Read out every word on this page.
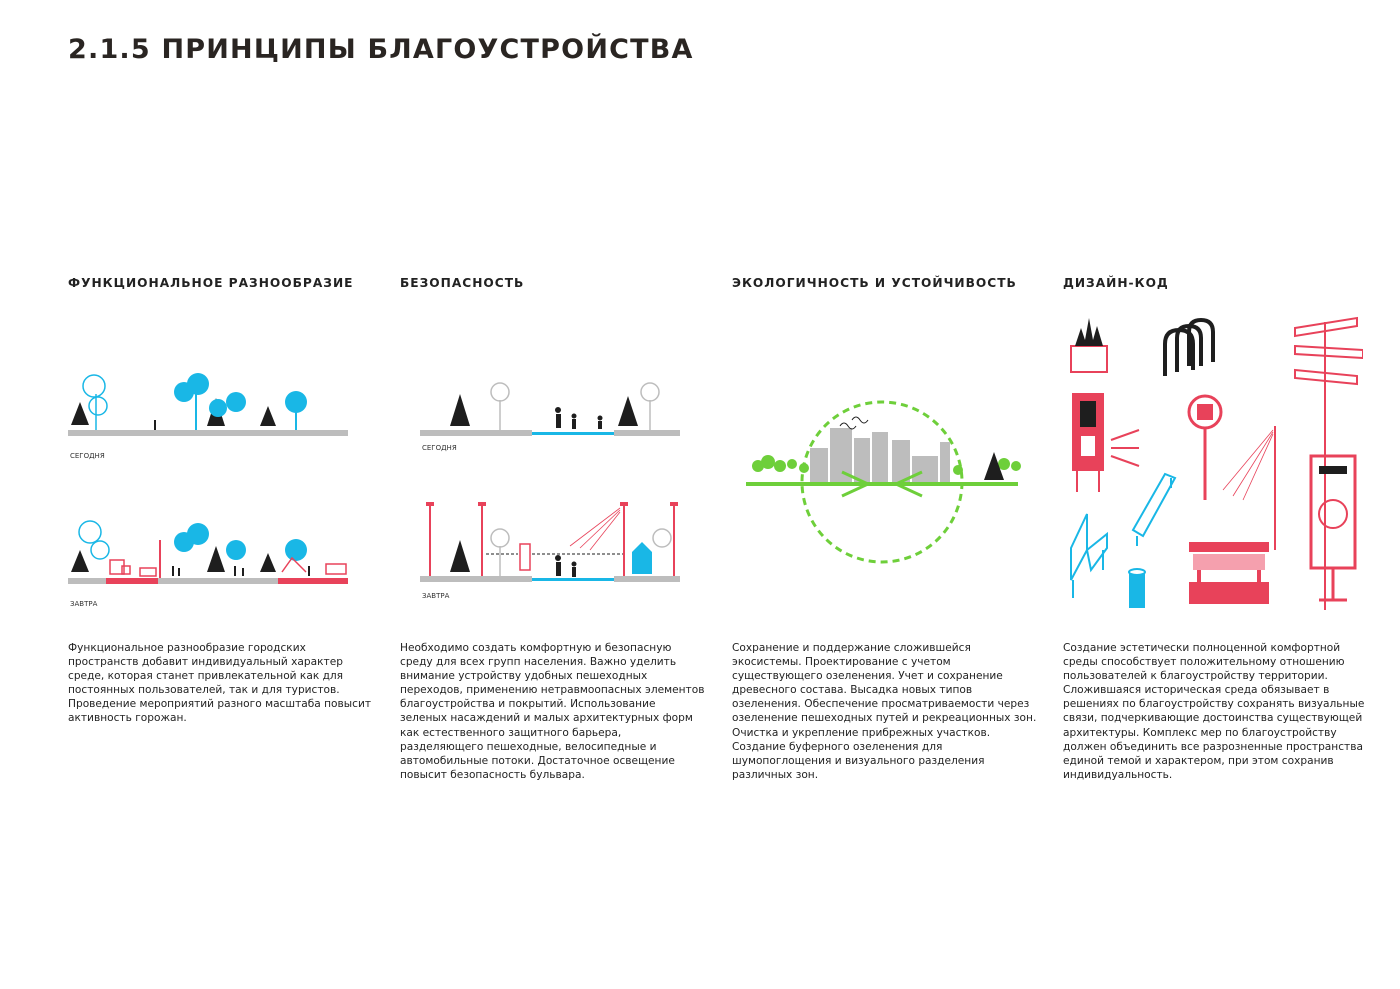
2.1.5 ПРИНЦИПЫ БЛАГОУСТРОЙСТВА
ФУНКЦИОНАЛЬНОЕ РАЗНООБРАЗИЕ
СЕГОДНЯ
ЗАВТРА

Функциональное разнообразие городских пространств добавит индивидуальный характер среде, которая станет привлекательной как для постоянных пользователей, так и для туристов. Проведение мероприятий разного масштаба повысит активность горожан.

БЕЗОПАСНОСТЬ
СЕГОДНЯ
ЗАВТРА

Необходимо создать комфортную и безопасную среду для всех групп населения. Важно уделить внимание устройству удобных пешеходных переходов, применению нетравмоопасных элементов благоустройства и покрытий. Использование зеленых насаждений и малых архитектурных форм как естественного защитного барьера, разделяющего пешеходные, велосипедные и автомобильные потоки. Достаточное освещение повысит безопасность бульвара.

ЭКОЛОГИЧНОСТЬ И УСТОЙЧИВОСТЬ

Сохранение и поддержание сложившейся экосистемы. Проектирование с учетом существующего озеленения. Учет и сохранение древесного состава. Высадка новых типов озеленения. Обеспечение просматриваемости через озеленение пешеходных путей и рекреационных зон. Очистка и укрепление прибрежных участков. Создание буферного озеленения для шумопоглощения и визуального разделения различных зон.

ДИЗАЙН-КОД

Создание эстетически полноценной комфортной среды способствует положительному отношению пользователей к благоустройству территории. Сложившаяся историческая среда обязывает в решениях по благоустройству сохранять визуальные связи, подчеркивающие достоинства существующей архитектуры. Комплекс мер по благоустройству должен объединить все разрозненные пространства единой темой и характером, при этом сохранив индивидуальность.
